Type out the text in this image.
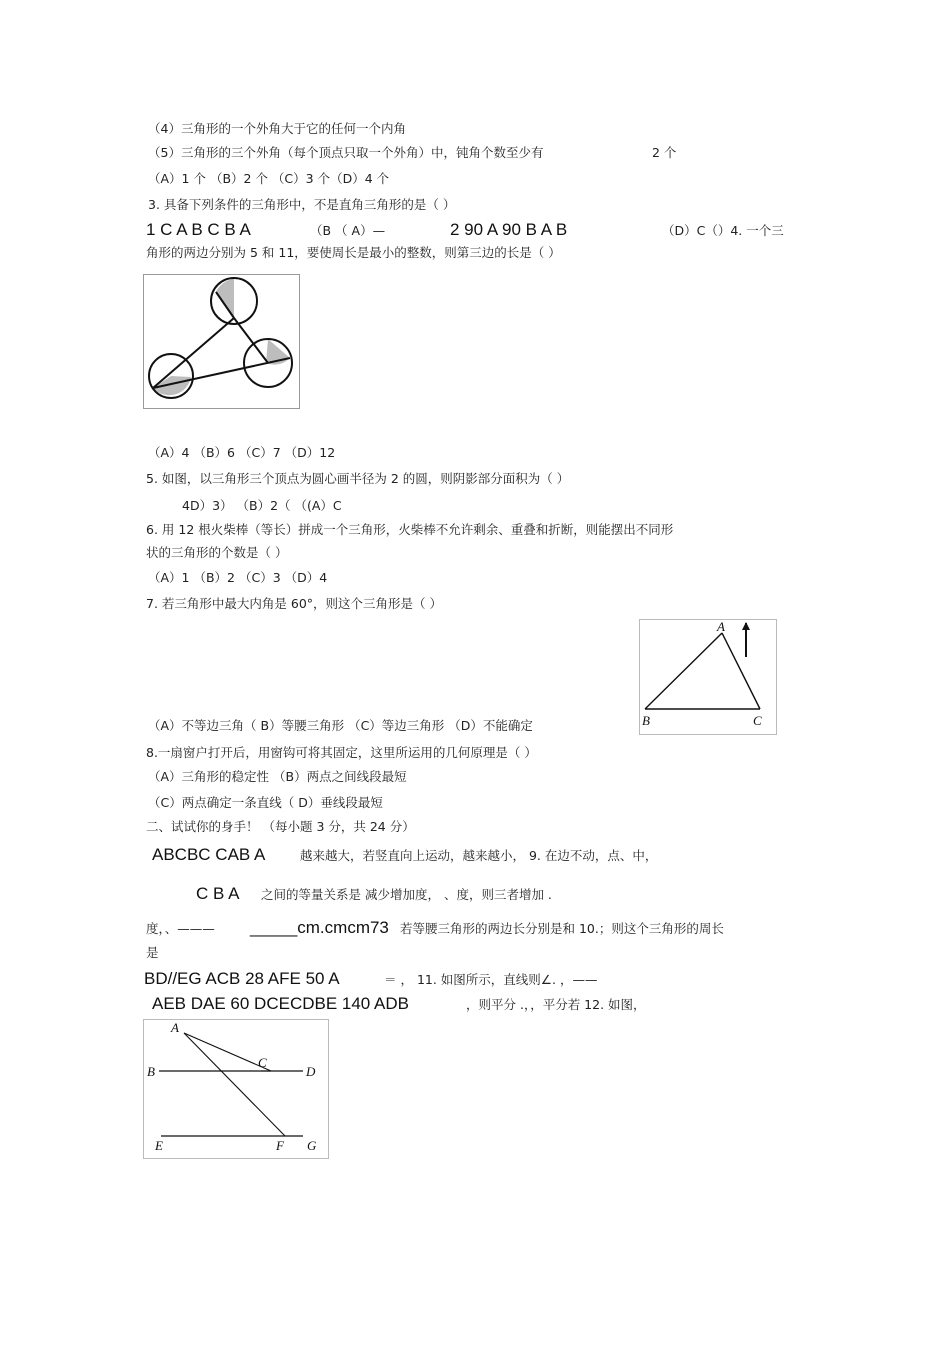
（4）三角形的一个外角大于它的任何一个内角
（5）三角形的三个外角（每个顶点只取一个外角）中，钝角个数至少有	2 个
（A）1 个 （B）2 个 （C）3 个（D）4 个
3. 具备下列条件的三角形中，不是直角三角形的是（ ）
1 C A B C B A	（B （ A）—	2 90 A 90 B A B	（D）C（）4. 一个三
角形的两边分别为 5 和 11，要使周长是最小的整数，则第三边的长是（ ）
（A）4 （B）6 （C）7 （D）12
5. 如图，以三角形三个顶点为圆心画半径为 2 的圆，则阴影部分面积为（ ）
4D）3） （B）2（ （(A）C
6. 用 12 根火柴棒（等长）拼成一个三角形，火柴棒不允许剩余、重叠和折断，则能摆出不同形
状的三角形的个数是（ ）
（A）1 （B）2 （C）3 （D）4
7. 若三角形中最大内角是 60°，则这个三角形是（ ）
A
B	C
（A）不等边三角（ B）等腰三角形 （C）等边三角形 （D）不能确定
8.一扇窗户打开后，用窗钩可将其固定，这里所运用的几何原理是（ ）
（A）三角形的稳定性 （B）两点之间线段最短
（C）两点确定一条直线（ D）垂线段最短
二、试试你的身手！ （每小题 3 分，共 24 分）
ABCBC CAB A	越来越大，若竖直向上运动，越来越小， 9. 在边不动，点、中，
C B A 之间的等量关系是 减少增加度， 、度，则三者增加 .
度，、——— _____cm.cmcm73 若等腰三角形的两边长分别是和 10.；则这个三角形的周长
是
BD//EG ACB 28 AFE 50 A	＝ ， 11. 如图所示，直线则∠. ，——
AEB DAE 60 DCECDBE 140 ADB	，则平分 .，，平分若 12. 如图，
A
B
C
D
E	F G
